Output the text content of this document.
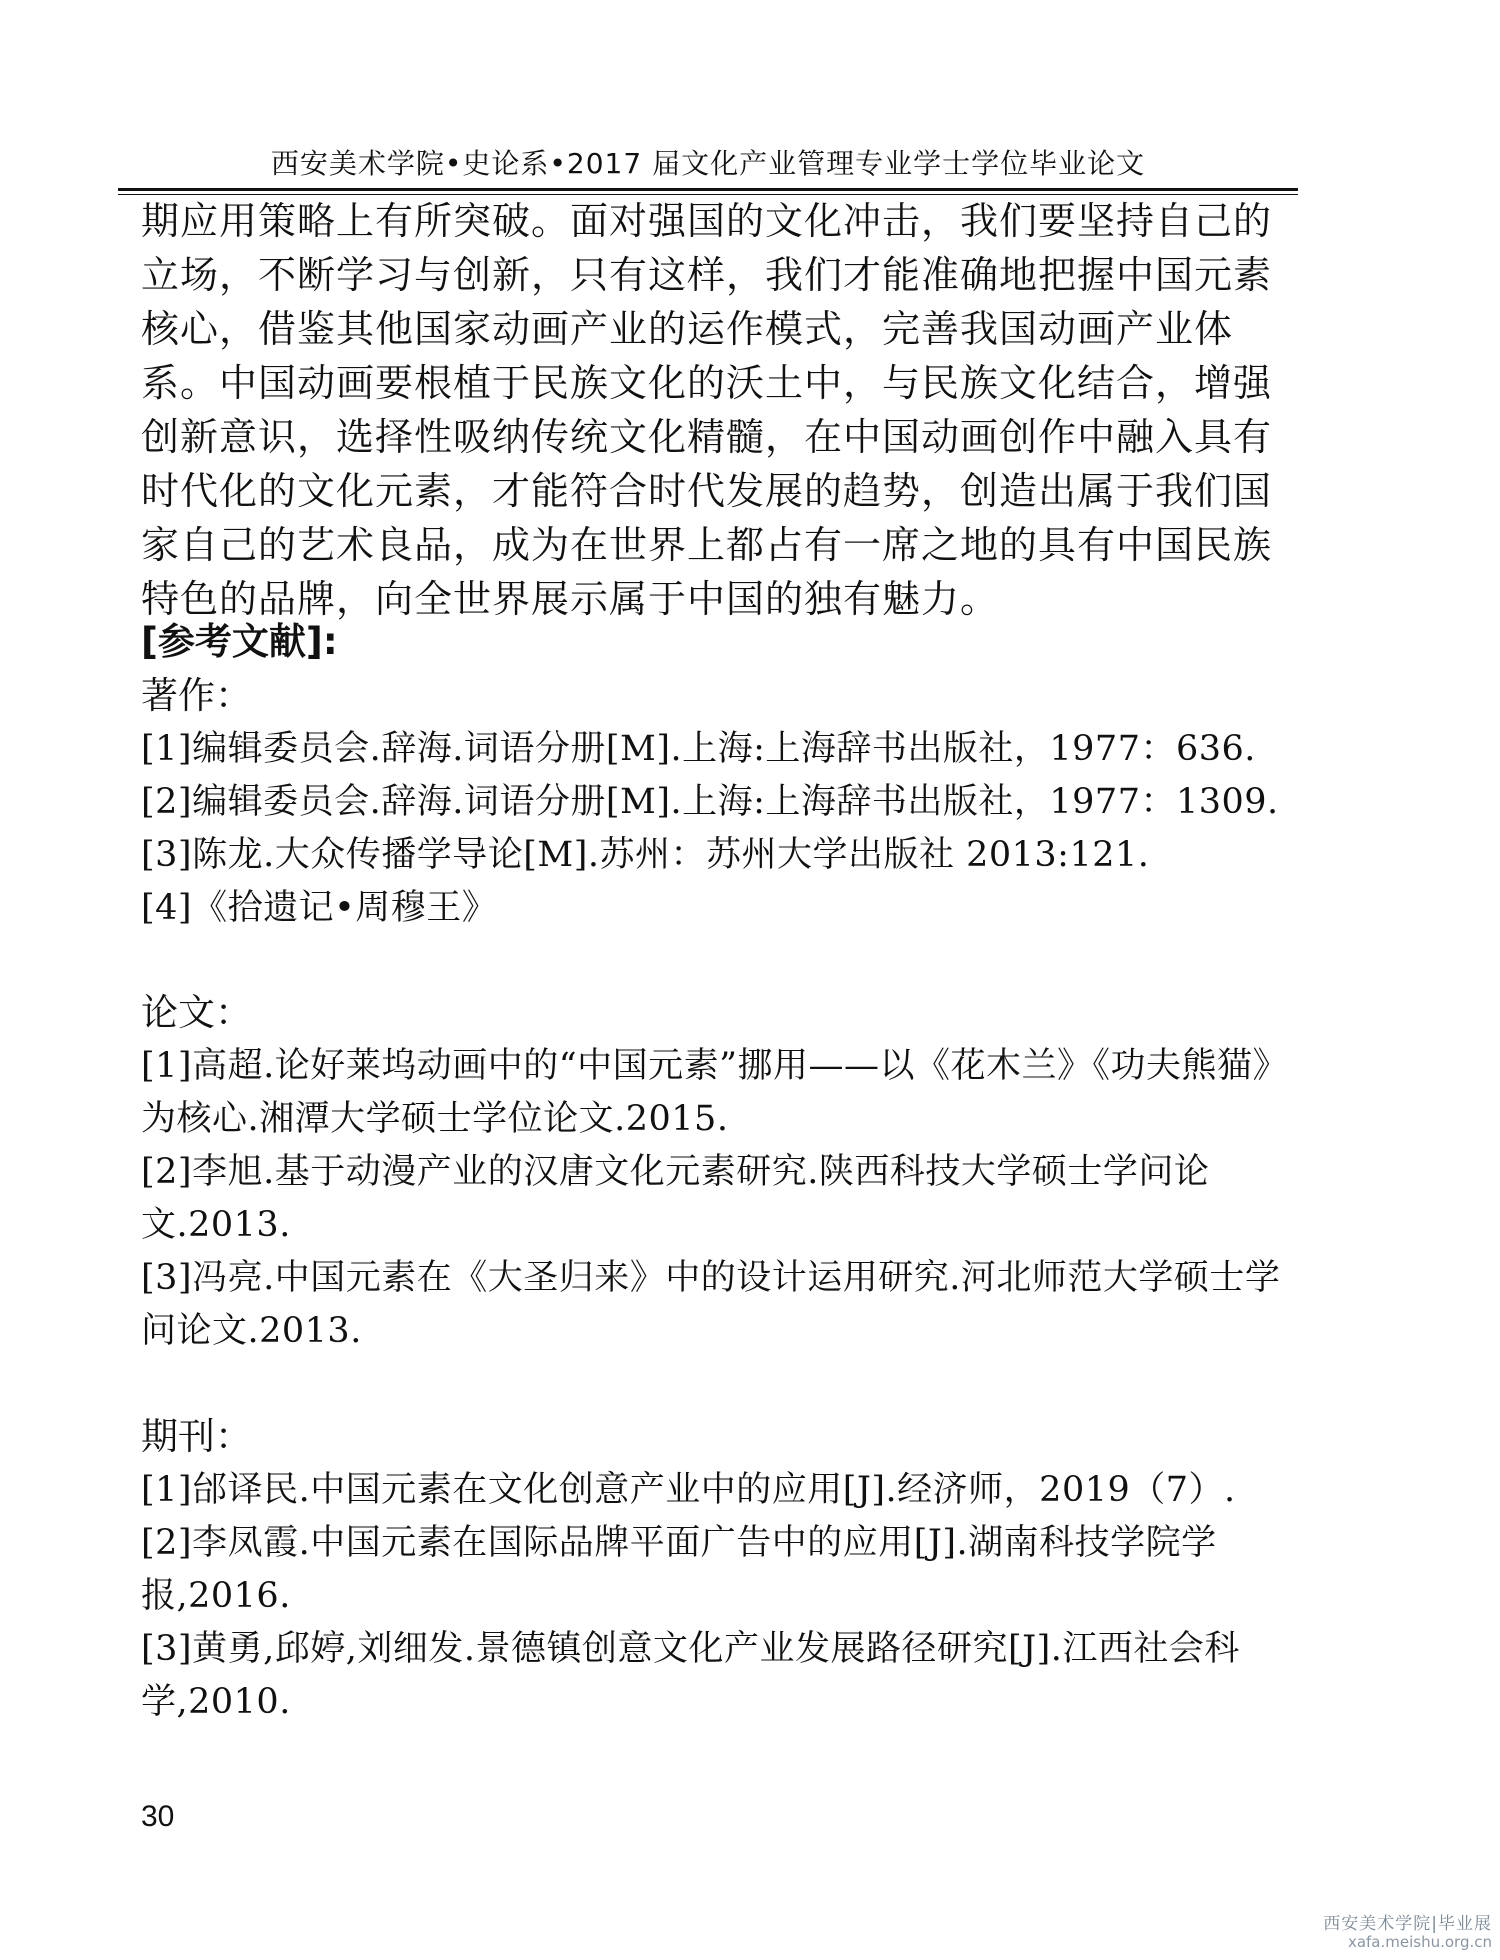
西安美术学院•史论系•2017 届文化产业管理专业学士学位毕业论文

期应用策略上有所突破。面对强国的文化冲击，我们要坚持自己的立场，不断学习与创新，只有这样，我们才能准确地把握中国元素核心，借鉴其他国家动画产业的运作模式，完善我国动画产业体系。中国动画要根植于民族文化的沃土中，与民族文化结合，增强创新意识，选择性吸纳传统文化精髓，在中国动画创作中融入具有时代化的文化元素，才能符合时代发展的趋势，创造出属于我们国家自己的艺术良品，成为在世界上都占有一席之地的具有中国民族特色的品牌，向全世界展示属于中国的独有魅力。

[参考文献]:
著作：
[1]编辑委员会.辞海.词语分册[M].上海:上海辞书出版社，1977：636.
[2]编辑委员会.辞海.词语分册[M].上海:上海辞书出版社，1977：1309.
[3]陈龙.大众传播学导论[M].苏州：苏州大学出版社 2013:121.
[4]《拾遗记•周穆王》
论文：
[1]高超.论好莱坞动画中的“中国元素”挪用——以《花木兰》《功夫熊猫》为核心.湘潭大学硕士学位论文.2015.
[2]李旭.基于动漫产业的汉唐文化元素研究.陕西科技大学硕士学问论文.2013.
[3]冯亮.中国元素在《大圣归来》中的设计运用研究.河北师范大学硕士学问论文.2013.
期刊：
[1]邰译民.中国元素在文化创意产业中的应用[J].经济师，2019（7）.
[2]李凤霞.中国元素在国际品牌平面广告中的应用[J].湖南科技学院学报,2016.
[3]黄勇,邱婷,刘细发.景德镇创意文化产业发展路径研究[J].江西社会科学,2010.
30
西安美术学院|毕业展
xafa.meishu.org.cn
